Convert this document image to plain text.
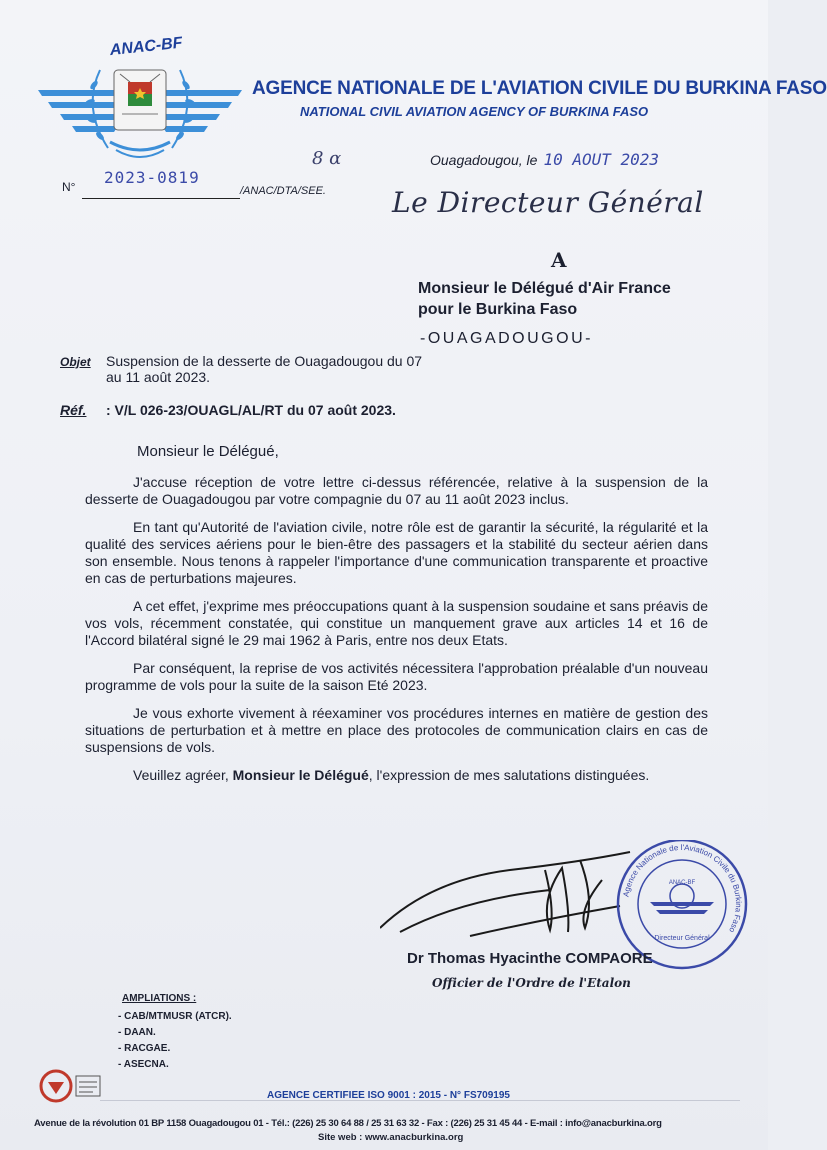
ANAC-BF
AGENCE NATIONALE DE L'AVIATION CIVILE DU BURKINA FASO
NATIONAL CIVIL AVIATION AGENCY OF BURKINA FASO
N° 2023-0819
/ANAC/DTA/SEE.
8 α	Ouagadougou, le 10 AOUT 2023
Le Directeur Général
A
Monsieur le Délégué d'Air France
pour le Burkina Faso
-OUAGADOUGOU-
Objet Suspension de la desserte de Ouagadougou du 07 au 11 août 2023.
Réf. : V/L 026-23/OUAGL/AL/RT du 07 août 2023.
Monsieur le Délégué,

J'accuse réception de votre lettre ci-dessus référencée, relative à la suspension de la desserte de Ouagadougou par votre compagnie du 07 au 11 août 2023 inclus.

En tant qu'Autorité de l'aviation civile, notre rôle est de garantir la sécurité, la régularité et la qualité des services aériens pour le bien-être des passagers et la stabilité du secteur aérien dans son ensemble. Nous tenons à rappeler l'importance d'une communication transparente et proactive en cas de perturbations majeures.

A cet effet, j'exprime mes préoccupations quant à la suspension soudaine et sans préavis de vos vols, récemment constatée, qui constitue un manquement grave aux articles 14 et 16 de l'Accord bilatéral signé le 29 mai 1962 à Paris, entre nos deux Etats.

Par conséquent, la reprise de vos activités nécessitera l'approbation préalable d'un nouveau programme de vols pour la suite de la saison Eté 2023.

Je vous exhorte vivement à réexaminer vos procédures internes en matière de gestion des situations de perturbation et à mettre en place des protocoles de communication clairs en cas de suspensions de vols.

Veuillez agréer, Monsieur le Délégué, l'expression de mes salutations distinguées.

Agence Nationale de l'Aviation Civile du Burkina Faso
Directeur Général
ANAC-BF
Dr Thomas Hyacinthe COMPAORE
Officier de l'Ordre de l'Etalon
AMPLIATIONS :
- CAB/MTMUSR (ATCR).
- DAAN.
- RACGAE.
- ASECNA.
AGENCE CERTIFIEE ISO 9001 : 2015 - N° FS709195
Avenue de la révolution 01 BP 1158 Ouagadougou 01 - Tél.: (226) 25 30 64 88 / 25 31 63 32 - Fax : (226) 25 31 45 44 - E-mail : info@anacburkina.org
Site web : www.anacburkina.org
